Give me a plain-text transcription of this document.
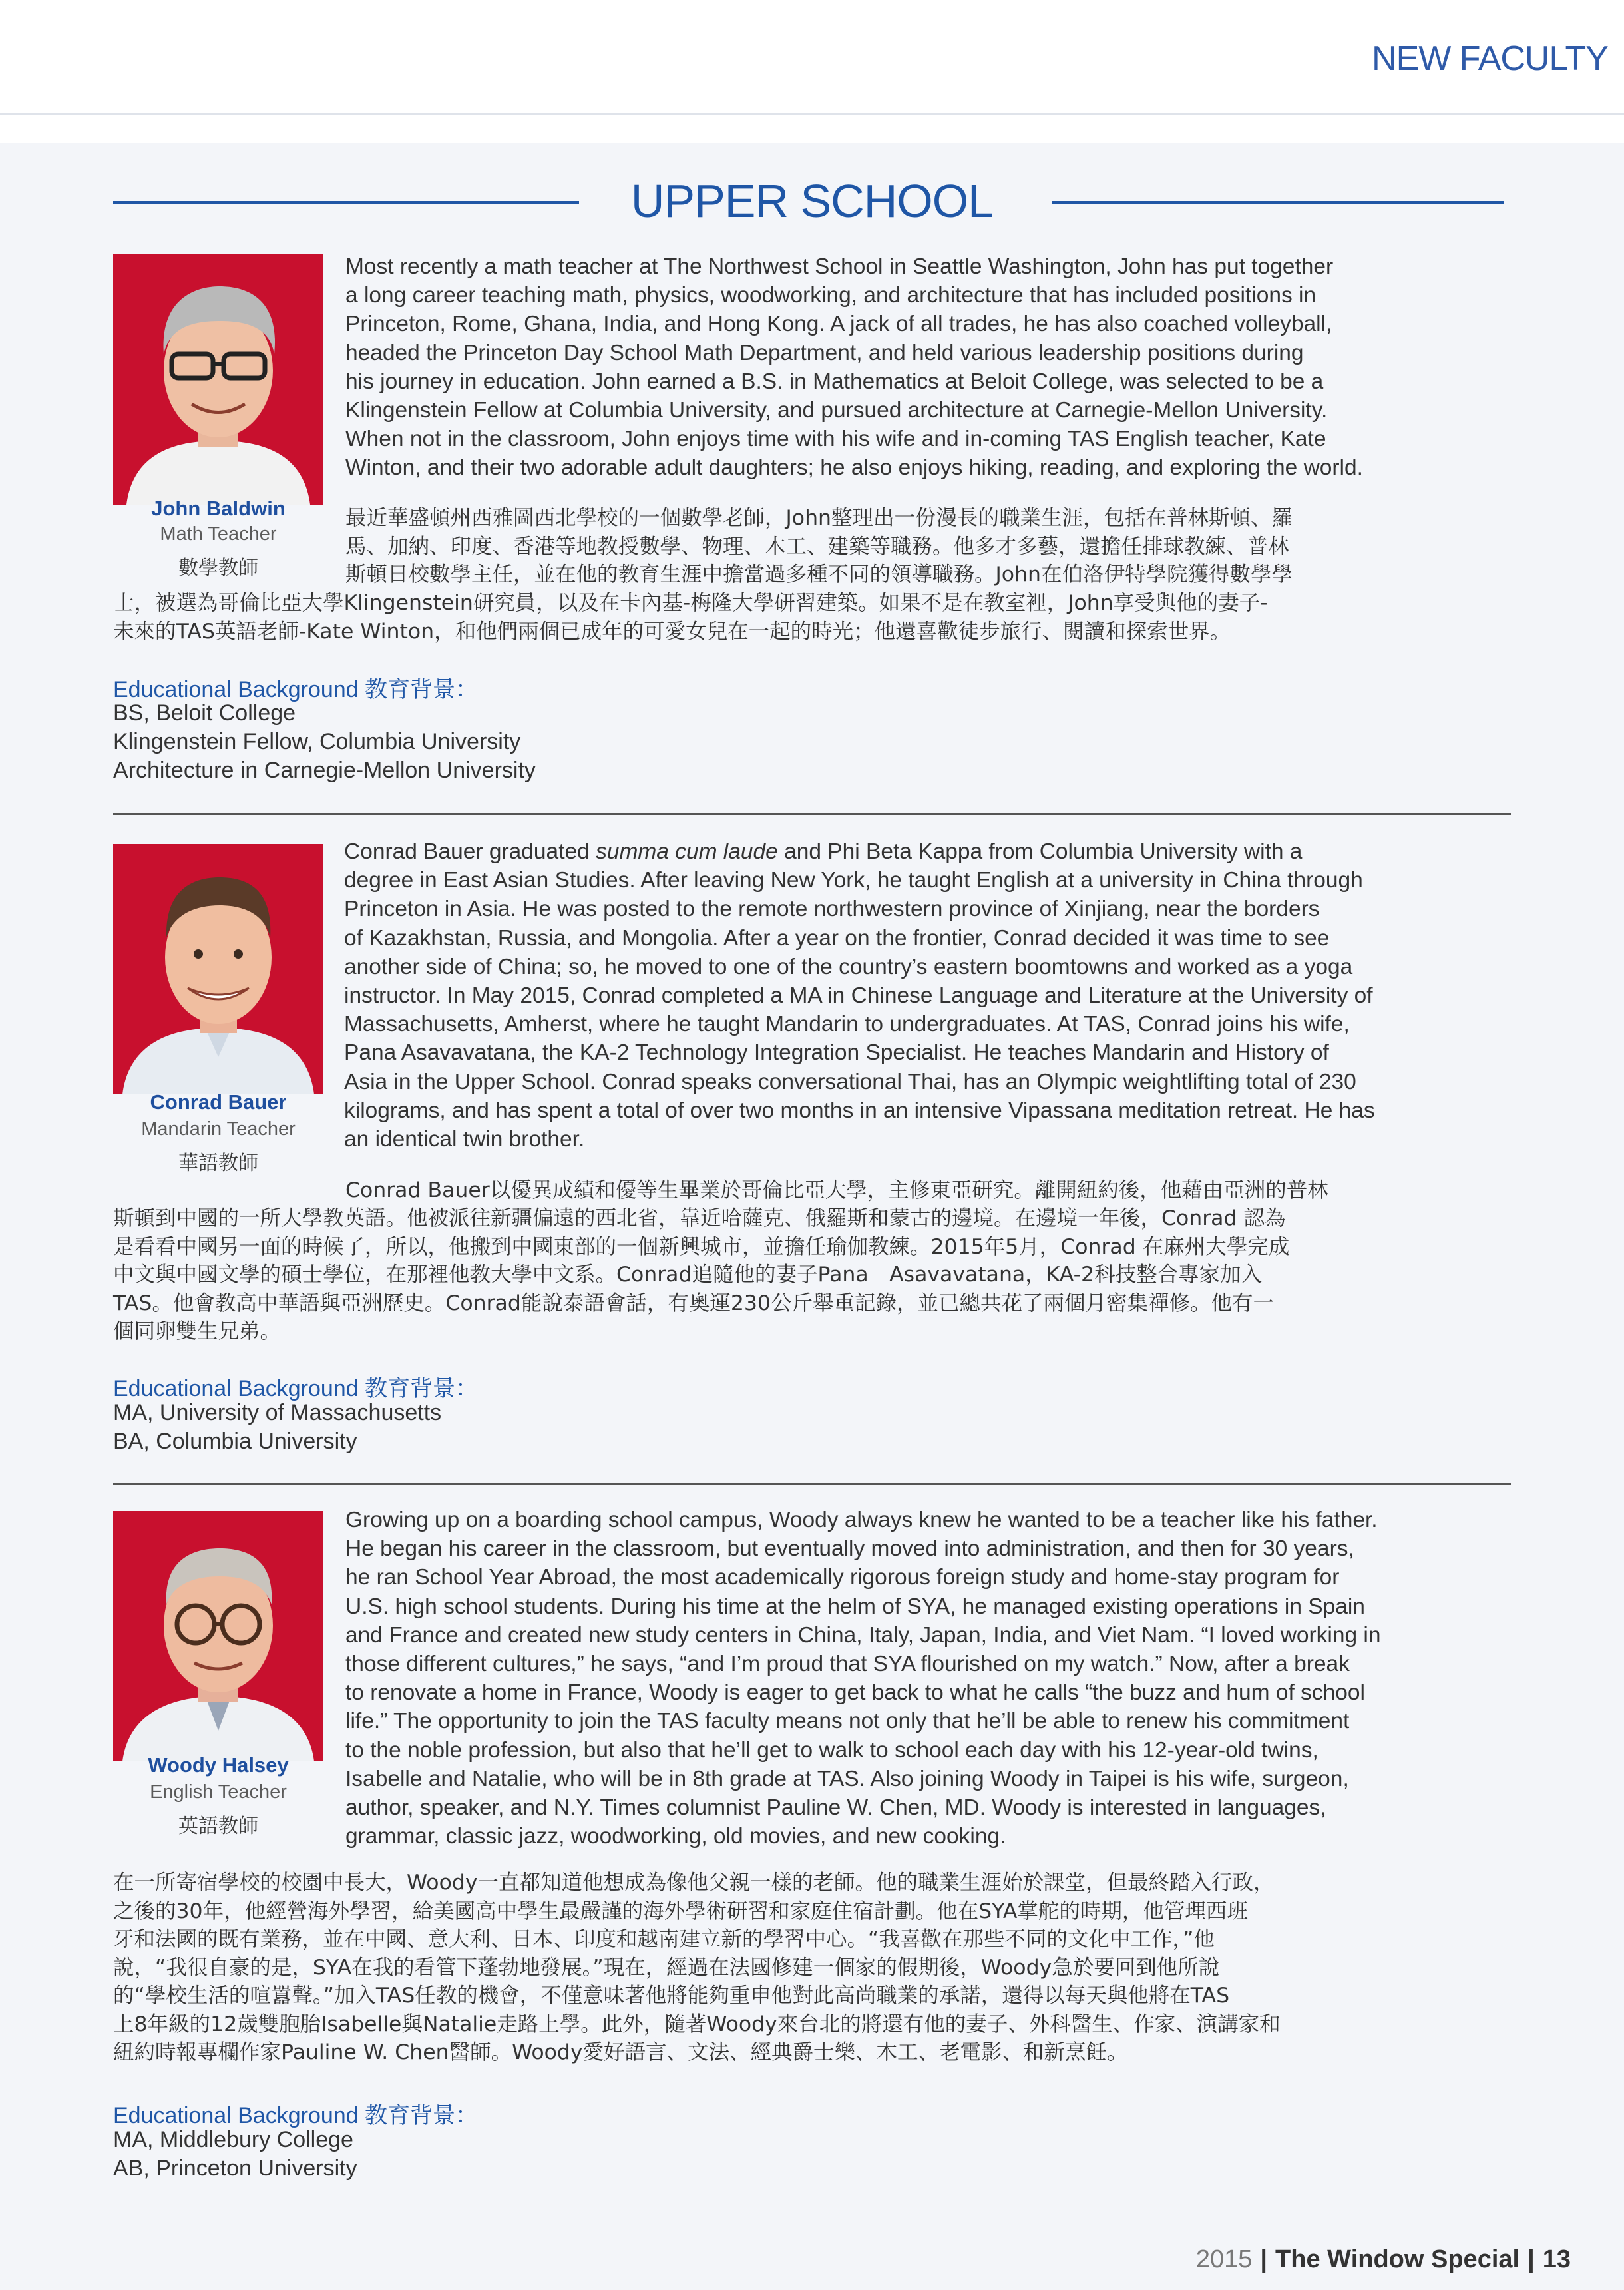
NEW FACULTY
UPPER SCHOOL
John Baldwin
Math Teacher
數學教師
Most recently a math teacher at The Northwest School in Seattle Washington, John has put together
a long career teaching math, physics, woodworking, and architecture that has included positions in
Princeton, Rome, Ghana, India, and Hong Kong. A jack of all trades, he has also coached volleyball,
headed the Princeton Day School Math Department, and held various leadership positions during
his journey in education. John earned a B.S. in Mathematics at Beloit College, was selected to be a
Klingenstein Fellow at Columbia University, and pursued architecture at Carnegie-Mellon University.
When not in the classroom, John enjoys time with his wife and in-coming TAS English teacher, Kate
Winton, and their two adorable adult daughters; he also enjoys hiking, reading, and exploring the world.
最近華盛頓州西雅圖西北學校的一個數學老師，John整理出一份漫長的職業生涯，包括在普林斯頓、羅
馬、加納、印度、香港等地教授數學、物理、木工、建築等職務。他多才多藝，還擔任排球教練、普林
斯頓日校數學主任，並在他的教育生涯中擔當過多種不同的領導職務。John在伯洛伊特學院獲得數學學
士，被選為哥倫比亞大學Klingenstein研究員，以及在卡內基-梅隆大學研習建築。如果不是在教室裡，John享受與他的妻子-
未來的TAS英語老師-Kate Winton，和他們兩個已成年的可愛女兒在一起的時光；他還喜歡徒步旅行、閱讀和探索世界。
Educational Background 教育背景：
BS, Beloit College
Klingenstein Fellow, Columbia University
Architecture in Carnegie-Mellon University
Conrad Bauer
Mandarin Teacher
華語教師
Conrad Bauer graduated summa cum laude and Phi Beta Kappa from Columbia University with a
degree in East Asian Studies. After leaving New York, he taught English at a university in China through
Princeton in Asia. He was posted to the remote northwestern province of Xinjiang, near the borders
of Kazakhstan, Russia, and Mongolia. After a year on the frontier, Conrad decided it was time to see
another side of China; so, he moved to one of the country’s eastern boomtowns and worked as a yoga
instructor. In May 2015, Conrad completed a MA in Chinese Language and Literature at the University of
Massachusetts, Amherst, where he taught Mandarin to undergraduates. At TAS, Conrad joins his wife,
Pana Asavavatana, the KA-2 Technology Integration Specialist. He teaches Mandarin and History of
Asia in the Upper School. Conrad speaks conversational Thai, has an Olympic weightlifting total of 230
kilograms, and has spent a total of over two months in an intensive Vipassana meditation retreat. He has
an identical twin brother.
Conrad Bauer以優異成績和優等生畢業於哥倫比亞大學，主修東亞研究。離開紐約後，他藉由亞洲的普林
斯頓到中國的一所大學教英語。他被派往新疆偏遠的西北省，靠近哈薩克、俄羅斯和蒙古的邊境。在邊境一年後，Conrad 認為
是看看中國另一面的時候了，所以，他搬到中國東部的一個新興城市，並擔任瑜伽教練。2015年5月，Conrad 在麻州大學完成
中文與中國文學的碩士學位，在那裡他教大學中文系。Conrad追隨他的妻子Pana　Asavavatana，KA-2科技整合專家加入
TAS。他會教高中華語與亞洲歷史。Conrad能說泰語會話，有奧運230公斤舉重記錄，並已總共花了兩個月密集禪修。他有一
個同卵雙生兄弟。
Educational Background 教育背景：
MA, University of Massachusetts
BA, Columbia University
Woody Halsey
English Teacher
英語教師
Growing up on a boarding school campus, Woody always knew he wanted to be a teacher like his father.
He began his career in the classroom, but eventually moved into administration, and then for 30 years,
he ran School Year Abroad, the most academically rigorous foreign study and home-stay program for
U.S. high school students. During his time at the helm of SYA, he managed existing operations in Spain
and France and created new study centers in China, Italy, Japan, India, and Viet Nam. “I loved working in
those different cultures,” he says, “and I’m proud that SYA flourished on my watch.” Now, after a break
to renovate a home in France, Woody is eager to get back to what he calls “the buzz and hum of school
life.” The opportunity to join the TAS faculty means not only that he’ll be able to renew his commitment
to the noble profession, but also that he’ll get to walk to school each day with his 12-year-old twins,
Isabelle and Natalie, who will be in 8th grade at TAS. Also joining Woody in Taipei is his wife, surgeon,
author, speaker, and N.Y. Times columnist Pauline W. Chen, MD. Woody is interested in languages,
grammar, classic jazz, woodworking, old movies, and new cooking.
在一所寄宿學校的校園中長大，Woody一直都知道他想成為像他父親一樣的老師。他的職業生涯始於課堂，但最終踏入行政，
之後的30年，他經營海外學習，給美國高中學生最嚴謹的海外學術研習和家庭住宿計劃。他在SYA掌舵的時期，他管理西班
牙和法國的既有業務，並在中國、意大利、日本、印度和越南建立新的學習中心。“我喜歡在那些不同的文化中工作，”他
說，“我很自豪的是，SYA在我的看管下蓬勃地發展。”現在，經過在法國修建一個家的假期後，Woody急於要回到他所說
的“學校生活的喧囂聲。”加入TAS任教的機會，不僅意味著他將能夠重申他對此高尚職業的承諾，還得以每天與他將在TAS
上8年級的12歲雙胞胎Isabelle與Natalie走路上學。此外，隨著Woody來台北的將還有他的妻子、外科醫生、作家、演講家和
紐約時報專欄作家Pauline W. Chen醫師。Woody愛好語言、文法、經典爵士樂、木工、老電影、和新烹飪。
Educational Background 教育背景：
MA, Middlebury College
AB, Princeton University
2015 | The Window Special | 13
